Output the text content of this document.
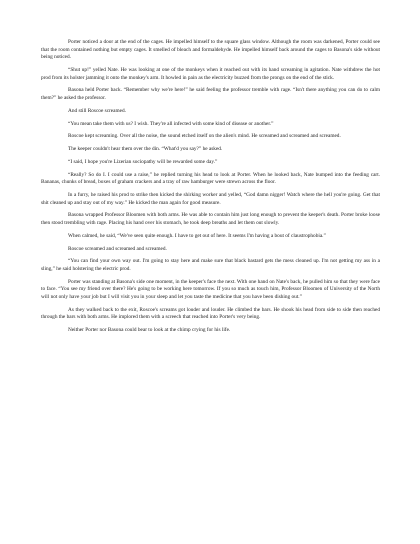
Porter noticed a door at the end of the cages. He impelled himself to the square glass window. Although the room was darkened, Porter could see that the room contained nothing but empty cages. It smelled of bleach and formaldehyde. He impelled himself back around the cages to Basona's side without being noticed.

“Shut up!” yelled Nate. He was looking at one of the monkeys when it reached out with its hand screaming in agitation. Nate withdrew the hot prod from its holster jamming it onto the monkey's arm. It howled in pain as the electricity buzzed from the prongs on the end of the stick.

Basona held Porter back. “Remember why we're here!” he said feeling the professor tremble with rage. “Isn't there anything you can do to calm them?” he asked the professor.

And still Roscoe screamed.

“You mean take them with us? I wish. They're all infected with some kind of disease or another.”

Roscoe kept screaming. Over all the noise, the sound etched itself on the alien's mind. He screamed and screamed and screamed.

The keeper couldn't hear them over the din. “What'd you say?” he asked.

“I said, I hope you're Lizerian sociopathy will be rewarded some day.”

“Really? So do I. I could use a raise,” he replied turning his head to look at Porter. When he looked back, Nate bumped into the feeding cart. Bananas, chunks of bread, boxes of graham crackers and a tray of raw hamburger were strewn across the floor.

In a furry, he raised his prod to strike then kicked the shirking worker and yelled, “God damn nigger! Watch where the hell you're going. Get that shit cleaned up and stay out of my way.” He kicked the man again for good measure.

Basona wrapped Professor Bloomen with both arms. He was able to contain him just long enough to prevent the keeper's death. Porter broke loose then stood trembling with rage. Placing his hand over his stomach, he took deep breaths and let them out slowly.

When calmed, he said, “We've seen quite enough. I have to get out of here. It seems I'm having a bout of claustrophobia.”

Roscoe screamed and screamed and screamed.

“You can find your own way out. I'm going to stay here and make sure that black bastard gets the mess cleaned up. I'm not getting my ass in a sling,” he said holstering the electric prod.

Porter was standing at Basona's side one moment, in the keeper's face the next. With one hand on Nate's back, he pulled him so that they were face to face. “You see my friend over there? He's going to be working here tomorrow. If you so much as touch him, Professor Bloomen of University of the North will not only have your job but I will visit you in your sleep and let you taste the medicine that you have been dishing out.”

As they walked back to the exit, Roscoe's screams got louder and louder. He climbed the bars. He shook his head from side to side then reached through the bars with both arms. He implored them with a screech that reached into Porter's very being.

Neither Porter nor Basona could bear to look at the chimp crying for his life.
